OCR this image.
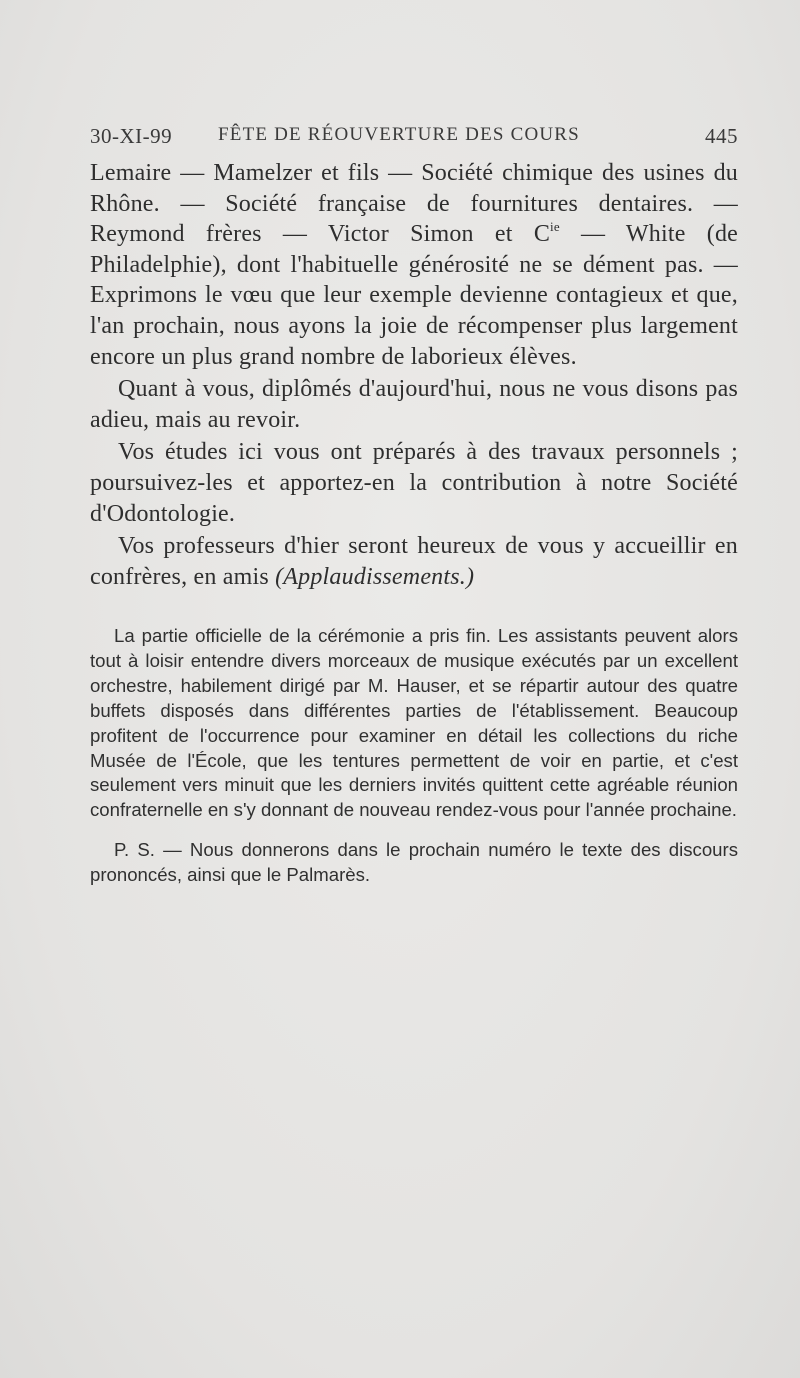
30-XI-99 FÊTE DE RÉOUVERTURE DES COURS	445

Lemaire — Mamelzer et fils — Société chimique des usines du Rhône. — Société française de fournitures dentaires. — Reymond frères — Victor Simon et $C^{ie}$ — White (de Philadelphie), dont l'habituelle générosité ne se dément pas. — Exprimons le vœu que leur exemple devienne contagieux et que, l'an prochain, nous ayons la joie de récompenser plus largement encore un plus grand nombre de laborieux élèves.

Quant à vous, diplômés d'aujourd'hui, nous ne vous disons pas adieu, mais au revoir.

Vos études ici vous ont préparés à des travaux personnels ; poursuivez-les et apportez-en la contribution à notre Société d'Odontologie.

Vos professeurs d'hier seront heureux de vous y accueillir en confrères, en amis (Applaudissements.)

La partie officielle de la cérémonie a pris fin. Les assistants peuvent alors tout à loisir entendre divers morceaux de musique exécutés par un excellent orchestre, habilement dirigé par M. Hauser, et se répartir autour des quatre buffets disposés dans différentes parties de l'établissement. Beaucoup profitent de l'occurrence pour examiner en détail les collections du riche Musée de l'École, que les tentures permettent de voir en partie, et c'est seulement vers minuit que les derniers invités quittent cette agréable réunion confraternelle en s'y donnant de nouveau rendez-vous pour l'année prochaine.

P. S. — Nous donnerons dans le prochain numéro le texte des discours prononcés, ainsi que le Palmarès.
